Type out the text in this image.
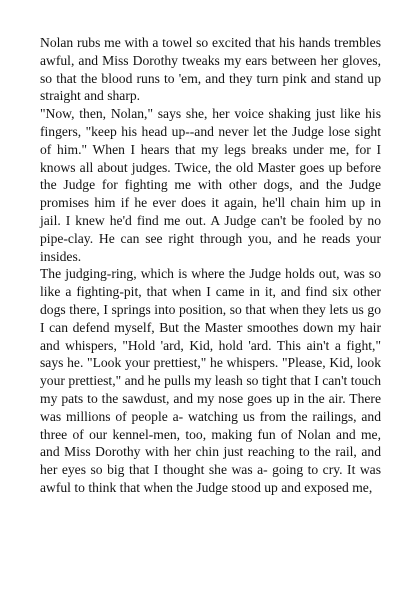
Nolan rubs me with a towel so excited that his hands trembles awful, and Miss Dorothy tweaks my ears between her gloves, so that the blood runs to 'em, and they turn pink and stand up straight and sharp.

"Now, then, Nolan," says she, her voice shaking just like his fingers, "keep his head up--and never let the Judge lose sight of him." When I hears that my legs breaks under me, for I knows all about judges. Twice, the old Master goes up before the Judge for fighting me with other dogs, and the Judge promises him if he ever does it again, he'll chain him up in jail. I knew he'd find me out. A Judge can't be fooled by no pipe-clay. He can see right through you, and he reads your insides.

The judging-ring, which is where the Judge holds out, was so like a fighting-pit, that when I came in it, and find six other dogs there, I springs into position, so that when they lets us go I can defend myself, But the Master smoothes down my hair and whispers, "Hold 'ard, Kid, hold 'ard. This ain't a fight," says he. "Look your prettiest," he whispers. "Please, Kid, look your prettiest," and he pulls my leash so tight that I can't touch my pats to the sawdust, and my nose goes up in the air. There was millions of people a- watching us from the railings, and three of our kennel-men, too, making fun of Nolan and me, and Miss Dorothy with her chin just reaching to the rail, and her eyes so big that I thought she was a- going to cry. It was awful to think that when the Judge stood up and exposed me,
